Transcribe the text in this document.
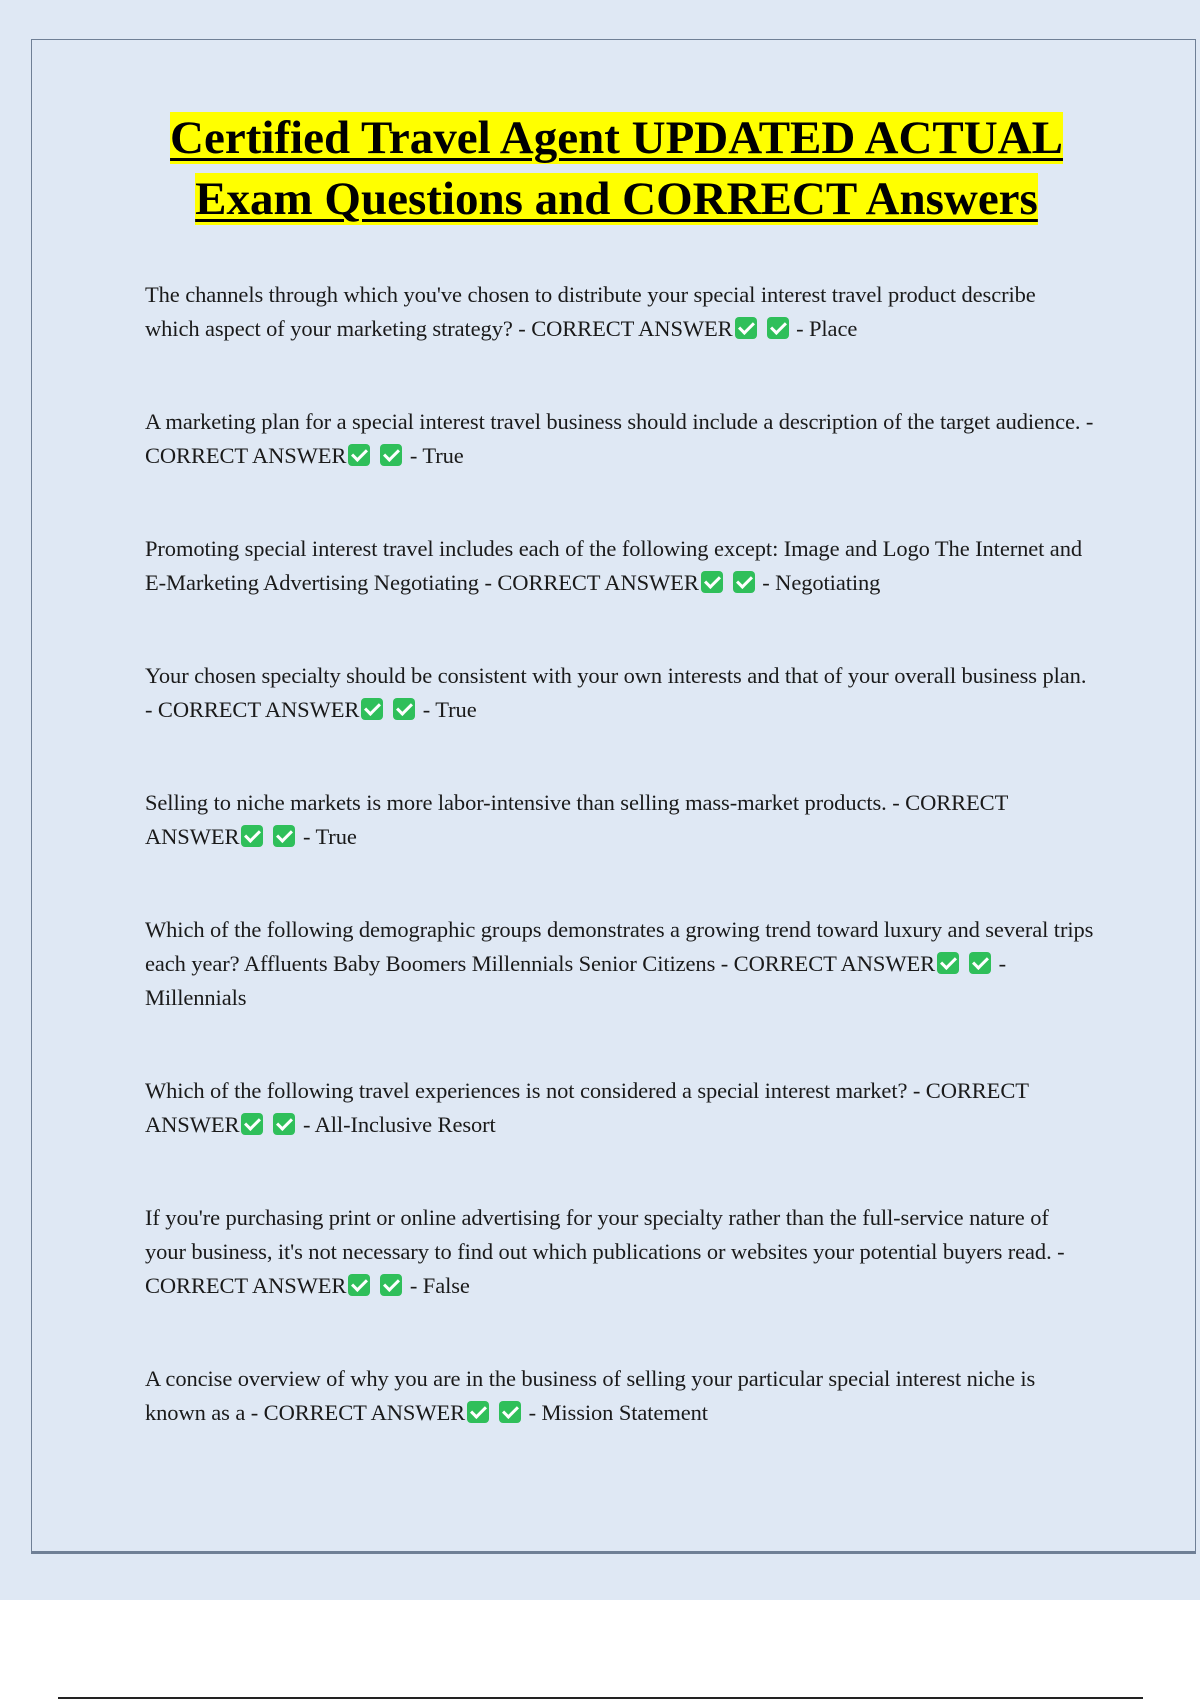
Certified Travel Agent UPDATED ACTUAL
Exam Questions and CORRECT Answers
The channels through which you've chosen to distribute your special interest travel product describe which aspect of your marketing strategy? - CORRECT ANSWER	- Place
A marketing plan for a special interest travel business should include a description of the target audience. - CORRECT ANSWER	- True
Promoting special interest travel includes each of the following except: Image and Logo The Internet and E-Marketing Advertising Negotiating - CORRECT ANSWER	- Negotiating
Your chosen specialty should be consistent with your own interests and that of your overall business plan. - CORRECT ANSWER	- True
Selling to niche markets is more labor-intensive than selling mass-market products. - CORRECT ANSWER	- True
Which of the following demographic groups demonstrates a growing trend toward luxury and several trips each year? Affluents Baby Boomers Millennials Senior Citizens - CORRECT ANSWER	- Millennials
Which of the following travel experiences is not considered a special interest market? - CORRECT ANSWER	- All-Inclusive Resort
If you're purchasing print or online advertising for your specialty rather than the full-service nature of your business, it's not necessary to find out which publications or websites your potential buyers read. - CORRECT ANSWER	- False
A concise overview of why you are in the business of selling your particular special interest niche is known as a - CORRECT ANSWER	- Mission Statement
